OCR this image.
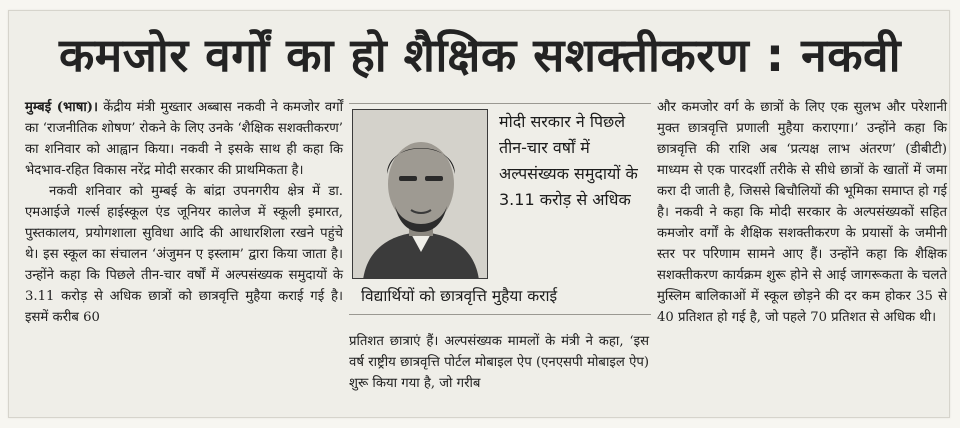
कमजोर वर्गों का हो शैक्षिक सशक्तीकरण : नकवी

मुम्बई (भाषा)। केंद्रीय मंत्री मुख्तार अब्बास नकवी ने कमजोर वर्गों का ‘राजनीतिक शोषण’ रोकने के लिए उनके ‘शैक्षिक सशक्तीकरण’ का शनिवार को आह्वान किया। नकवी ने इसके साथ ही कहा कि भेदभाव-रहित विकास नरेंद्र मोदी सरकार की प्राथमिकता है।

नकवी शनिवार को मुम्बई के बांद्रा उपनगरीय क्षेत्र में डा. एमआईजे गर्ल्स हाईस्कूल एंड जूनियर कालेज में स्कूली इमारत, पुस्तकालय, प्रयोगशाला सुविधा आदि की आधारशिला रखने पहुंचे थे। इस स्कूल का संचालन ‘अंजुमन ए इस्लाम’ द्वारा किया जाता है। उन्होंने कहा कि पिछले तीन-चार वर्षों में अल्पसंख्यक समुदायों के 3.11 करोड़ से अधिक छात्रों को छात्रवृत्ति मुहैया कराई गई है। इसमें करीब 60

मोदी सरकार ने पिछले तीन-चार वर्षों में अल्पसंख्यक समुदायों के 3.11 करोड़ से अधिक
विद्यार्थियों को छात्रवृत्ति मुहैया कराई

प्रतिशत छात्राएं हैं। अल्पसंख्यक मामलों के मंत्री ने कहा, ‘इस वर्ष राष्ट्रीय छात्रवृत्ति पोर्टल मोबाइल ऐप (एनएसपी मोबाइल ऐप) शुरू किया गया है, जो गरीब

और कमजोर वर्ग के छात्रों के लिए एक सुलभ और परेशानी मुक्त छात्रवृत्ति प्रणाली मुहैया कराएगा।’ उन्होंने कहा कि छात्रवृत्ति की राशि अब ‘प्रत्यक्ष लाभ अंतरण’ (डीबीटी) माध्यम से एक पारदर्शी तरीके से सीधे छात्रों के खातों में जमा करा दी जाती है, जिससे बिचौलियों की भूमिका समाप्त हो गई है। नकवी ने कहा कि मोदी सरकार के अल्पसंख्यकों सहित कमजोर वर्गों के शैक्षिक सशक्तीकरण के प्रयासों के जमीनी स्तर पर परिणाम सामने आए हैं। उन्होंने कहा कि शैक्षिक सशक्तीकरण कार्यक्रम शुरू होने से आई जागरूकता के चलते मुस्लिम बालिकाओं में स्कूल छोड़ने की दर कम होकर 35 से 40 प्रतिशत हो गई है, जो पहले 70 प्रतिशत से अधिक थी।
